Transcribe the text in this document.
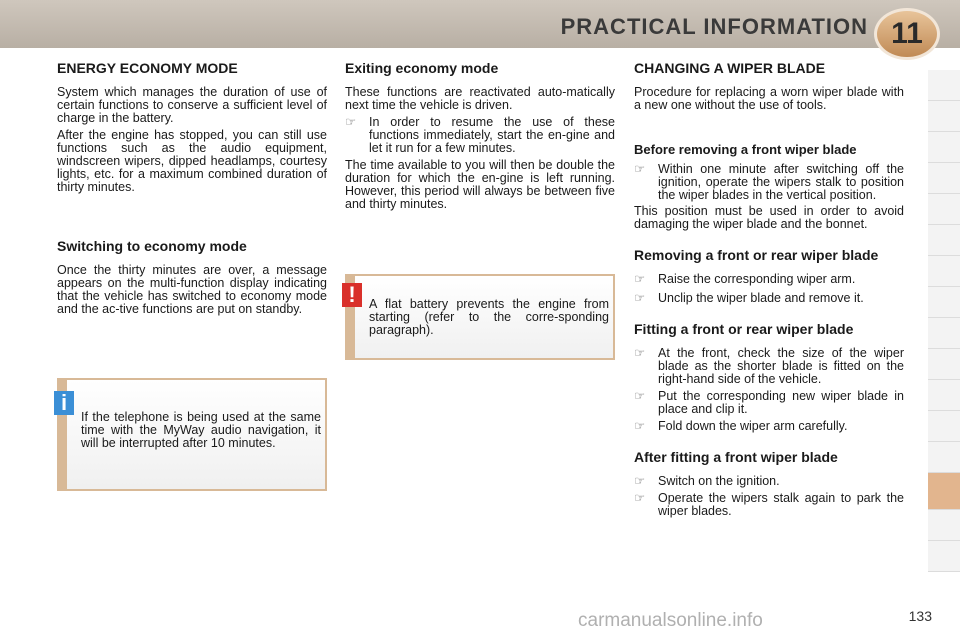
PRACTICAL INFORMATION 11
ENERGY ECONOMY MODE

System which manages the duration of use of certain functions to conserve a sufficient level of charge in the battery.

After the engine has stopped, you can still use functions such as the audio equipment, windscreen wipers, dipped headlamps, courtesy lights, etc. for a maximum combined duration of thirty minutes.

Switching to economy mode

Once the thirty minutes are over, a message appears on the multi-function display indicating that the vehicle has switched to economy mode and the ac-tive functions are put on standby.

If the telephone is being used at the same time with the MyWay audio navigation, it will be interrupted after 10 minutes.

i
Exiting economy mode

These functions are reactivated auto-matically next time the vehicle is driven.

☞	In order to resume the use of these functions immediately, start the en-gine and let it run for a few minutes.

The time available to you will then be double the duration for which the en-gine is left running. However, this period will always be between five and thirty minutes.

A flat battery prevents the engine from starting (refer to the corre-sponding paragraph).

!
CHANGING A WIPER BLADE

Procedure for replacing a worn wiper blade with a new one without the use of tools.

Before removing a front wiper blade
☞	Within one minute after switching off the ignition, operate the wipers stalk to position the wiper blades in the vertical position.

This position must be used in order to avoid damaging the wiper blade and the bonnet.

Removing a front or rear wiper blade
☞	Raise the corresponding wiper arm.
☞	Unclip the wiper blade and remove it.
Fitting a front or rear wiper blade
☞	At the front, check the size of the wiper blade as the shorter blade is fitted on the right-hand side of the vehicle.
☞	Put the corresponding new wiper blade in place and clip it.
☞	Fold down the wiper arm carefully.
After fitting a front wiper blade
☞	Switch on the ignition.
☞	Operate the wipers stalk again to park the wiper blades.
133
carmanualsonline.info
